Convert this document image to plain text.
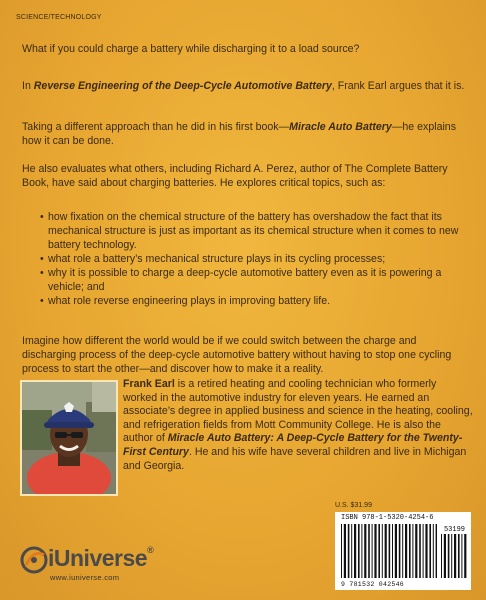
SCIENCE/TECHNOLOGY
What if you could charge a battery while discharging it to a load source?
In Reverse Engineering of the Deep-Cycle Automotive Battery, Frank Earl argues that it is.
Taking a different approach than he did in his first book—Miracle Auto Battery—he explains how it can be done.
He also evaluates what others, including Richard A. Perez, author of The Complete Battery Book, have said about charging batteries. He explores critical topics, such as:
• how fixation on the chemical structure of the battery has overshadow the fact that its mechanical structure is just as important as its chemical structure when it comes to new battery technology.
• what role a battery’s mechanical structure plays in its cycling processes;
• why it is possible to charge a deep-cycle automotive battery even as it is powering a vehicle; and
• what role reverse engineering plays in improving battery life.
Imagine how different the world would be if we could switch between the charge and discharging process of the deep-cycle automotive battery without having to stop one cycling process to start the other—and discover how to make it a reality.
Frank Earl is a retired heating and cooling technician who formerly worked in the automotive industry for eleven years. He earned an associate’s degree in applied business and science in the heating, cooling, and refrigeration fields from Mott Community College. He is also the author of Miracle Auto Battery: A Deep-Cycle Battery for the Twenty-First Century. He and his wife have several children and live in Michigan and Georgia.
U.S. $31.99
ISBN 978-1-5320-4254-6
53199
9 781532 042546
iUniverse®
www.iuniverse.com
